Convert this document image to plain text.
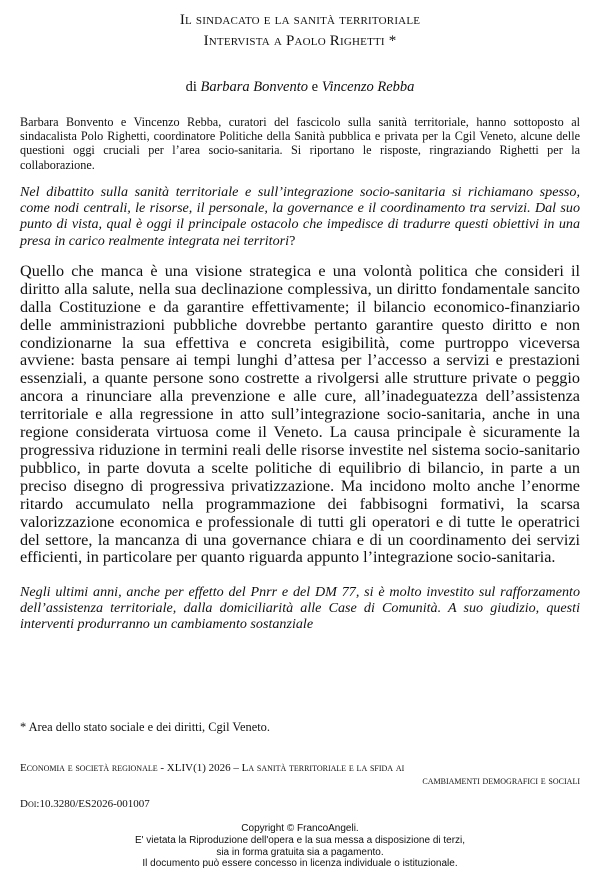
Il sindacato e la sanità territoriale
Intervista a Paolo Righetti *
di Barbara Bonvento e Vincenzo Rebba

Barbara Bonvento e Vincenzo Rebba, curatori del fascicolo sulla sanità territoriale, hanno sottoposto al sindacalista Polo Righetti, coordinatore Politiche della Sanità pubblica e privata per la Cgil Veneto, alcune delle questioni oggi cruciali per l’area socio-sanitaria. Si riportano le risposte, ringraziando Righetti per la collaborazione.

Nel dibattito sulla sanità territoriale e sull’integrazione socio-sanitaria si richiamano spesso, come nodi centrali, le risorse, il personale, la governance e il coordinamento tra servizi. Dal suo punto di vista, qual è oggi il principale ostacolo che impedisce di tradurre questi obiettivi in una presa in carico realmente integrata nei territori?

Quello che manca è una visione strategica e una volontà politica che consideri il diritto alla salute, nella sua declinazione complessiva, un diritto fondamentale sancito dalla Costituzione e da garantire effettivamente; il bilancio economico-finanziario delle amministrazioni pubbliche dovrebbe pertanto garantire questo diritto e non condizionarne la sua effettiva e concreta esigibilità, come purtroppo viceversa avviene: basta pensare ai tempi lunghi d’attesa per l’accesso a servizi e prestazioni essenziali, a quante persone sono costrette a rivolgersi alle strutture private o peggio ancora a rinunciare alla prevenzione e alle cure, all’inadeguatezza dell’assistenza territoriale e alla regressione in atto sull’integrazione socio-sanitaria, anche in una regione considerata virtuosa come il Veneto. La causa principale è sicuramente la progressiva riduzione in termini reali delle risorse investite nel sistema socio-sanitario pubblico, in parte dovuta a scelte politiche di equilibrio di bilancio, in parte a un preciso disegno di progressiva privatizzazione. Ma incidono molto anche l’enorme ritardo accumulato nella programmazione dei fabbisogni formativi, la scarsa valorizzazione economica e professionale di tutti gli operatori e di tutte le operatrici del settore, la mancanza di una governance chiara e di un coordinamento dei servizi efficienti, in particolare per quanto riguarda appunto l’integrazione socio-sanitaria.

Negli ultimi anni, anche per effetto del Pnrr e del DM 77, si è molto investito sul rafforzamento dell’assistenza territoriale, dalla domiciliarità alle Case di Comunità. A suo giudizio, questi interventi produrranno un cambiamento sostanziale

* Area dello stato sociale e dei diritti, Cgil Veneto.
Economia e società regionale - XLIV(1) 2026 – La sanità territoriale e la sfida ai
cambiamenti demografici e sociali
Doi:10.3280/ES2026-001007
Copyright © FrancoAngeli.
E' vietata la Riproduzione dell'opera e la sua messa a disposizione di terzi,
sia in forma gratuita sia a pagamento.
Il documento può essere concesso in licenza individuale o istituzionale.
